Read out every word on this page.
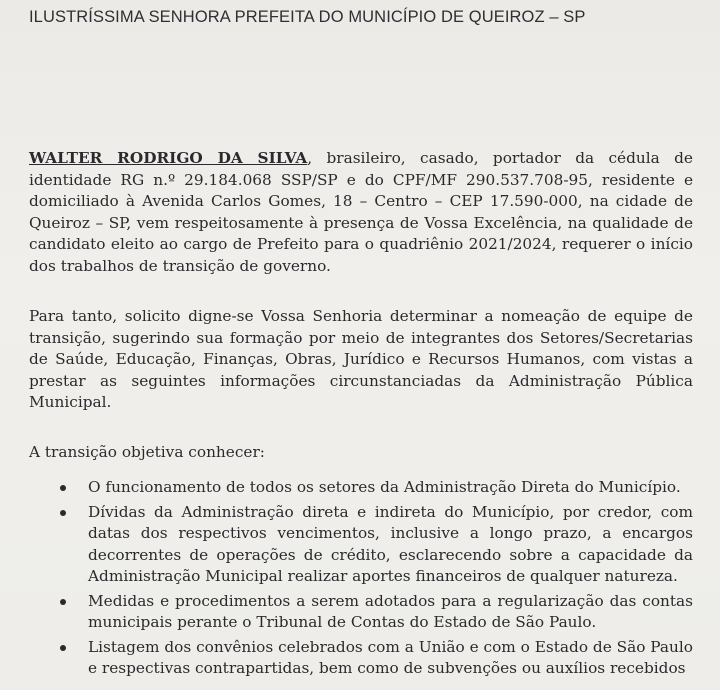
ILUSTRÍSSIMA SENHORA PREFEITA DO MUNICÍPIO DE QUEIROZ – SP
WALTER RODRIGO DA SILVA, brasileiro, casado, portador da cédula de identidade RG n.º 29.184.068 SSP/SP e do CPF/MF 290.537.708-95, residente e domiciliado à Avenida Carlos Gomes, 18 – Centro – CEP 17.590-000, na cidade de Queiroz – SP, vem respeitosamente à presença de Vossa Excelência, na qualidade de candidato eleito ao cargo de Prefeito para o quadriênio 2021/2024, requerer o início dos trabalhos de transição de governo.
Para tanto, solicito digne-se Vossa Senhoria determinar a nomeação de equipe de transição, sugerindo sua formação por meio de integrantes dos Setores/Secretarias de Saúde, Educação, Finanças, Obras, Jurídico e Recursos Humanos, com vistas a prestar as seguintes informações circunstanciadas da Administração Pública Municipal.
A transição objetiva conhecer:
O funcionamento de todos os setores da Administração Direta do Município.
Dívidas da Administração direta e indireta do Município, por credor, com datas dos respectivos vencimentos, inclusive a longo prazo, a encargos decorrentes de operações de crédito, esclarecendo sobre a capacidade da Administração Municipal realizar aportes financeiros de qualquer natureza.
Medidas e procedimentos a serem adotados para a regularização das contas municipais perante o Tribunal de Contas do Estado de São Paulo.
Listagem dos convênios celebrados com a União e com o Estado de São Paulo e respectivas contrapartidas, bem como de subvenções ou auxílios recebidos
